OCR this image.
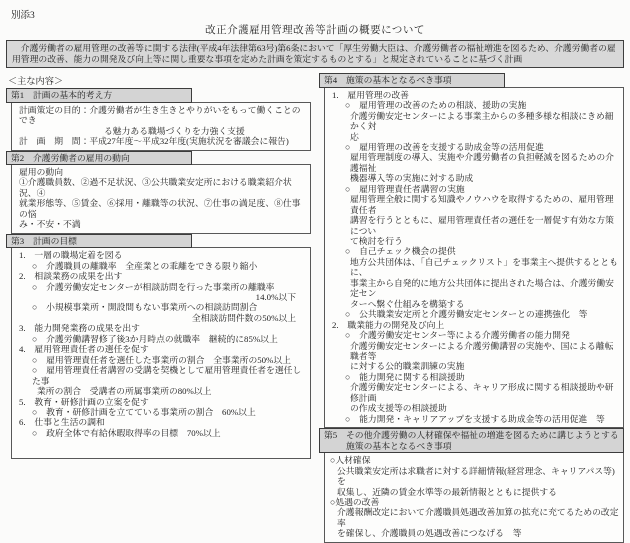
別添3
改正介護雇用管理改善等計画の概要について
　介護労働者の雇用管理の改善等に関する法律(平成4年法律第63号)第6条において「厚生労働大臣は、介護労働者の福祉増進を図るため、介護労働者の雇用管理の改善、能力の開発及び向上等に関し重要な事項を定めた計画を策定するものとする」と規定されていることに基づく計画
＜主な内容＞
第1　計画の基本的考え方
計画策定の目的：介護労働者が生き生きとやりがいをもって働くことのでき
る魅力ある職場づくりを力強く支援
計　画　期　間：平成27年度～平成32年度(実施状況を審議会に報告)
第2　介護労働者の雇用の動向
雇用の動向
①介護職員数、②過不足状況、③公共職業安定所における職業紹介状況、④
就業形態等、⑤賃金、⑥採用・離職等の状況、⑦仕事の満足度、⑧仕事の悩
み・不安・不満
第3　計画の目標
1.　一層の職場定着を図る
○　介護職員の離職率　全産業との乖離をできる限り縮小
2.　相談業務の成果を出す
○　介護労働安定センターが相談訪問を行った事業所の離職率
14.0%以下
○　小規模事業所・開設間もない事業所への相談訪問割合
全相談訪問件数の50%以上
3.　能力開発業務の成果を出す
○　介護労働講習修了後3か月時点の就職率　継続的に85%以上
4.　雇用管理責任者の選任を促す
○　雇用管理責任者を選任した事業所の割合　全事業所の50%以上
○　雇用管理責任者講習の受講を契機として雇用管理責任者を選任した事
業所の割合　受講者の所属事業所の80%以上
5.　教育・研修計画の立案を促す
○　教育・研修計画を立てている事業所の割合　60%以上
6.　仕事と生活の調和
○　政府全体で有給休暇取得率の目標　70%以上
第4　施策の基本となるべき事項
1.　雇用管理の改善
○　雇用管理の改善のための相談、援助の実施
介護労働安定センターによる事業主からの多種多様な相談にきめ細かく対
応
○　雇用管理の改善を支援する助成金等の活用促進
雇用管理制度の導入、実施や介護労働者の負担軽減を図るための介護福祉
機器導入等の実施に対する助成
○　雇用管理責任者講習の実施
雇用管理全般に関する知識やノウハウを取得するための、雇用管理責任者
講習を行うとともに、雇用管理責任者の選任を一層促す有効な方策につい
て検討を行う
○　自己チェック機会の提供
地方公共団体は、「自己チェックリスト」を事業主へ提供するとともに、
事業主から自発的に地方公共団体に提出された場合は、介護労働安定セン
ターへ繋ぐ仕組みを構築する
○　公共職業安定所と介護労働安定センターとの連携強化　等
2.　職業能力の開発及び向上
○　介護労働安定センター等による介護労働者の能力開発
介護労働安定センターによる介護労働講習の実施や、国による離転職者等
に対する公的職業訓練の実施
○　能力開発に関する相談援助
介護労働安定センターによる、キャリア形成に関する相談援助や研修計画
の作成支援等の相談援助
○　能力開発・キャリアアップを支援する助成金等の活用促進　等
第5　その他介護労働の人材確保や福祉の増進を図るために講じようとする施策の基本となるべき事項
○人材確保
公共職業安定所は求職者に対する詳細情報(経営理念、キャリアパス等)を
収集し、近隣の賃金水準等の最新情報とともに提供する
○処遇の改善
介護報酬改定において介護職員処遇改善加算の拡充に充てるための改定率
を確保し、介護職員の処遇改善につなげる　等
